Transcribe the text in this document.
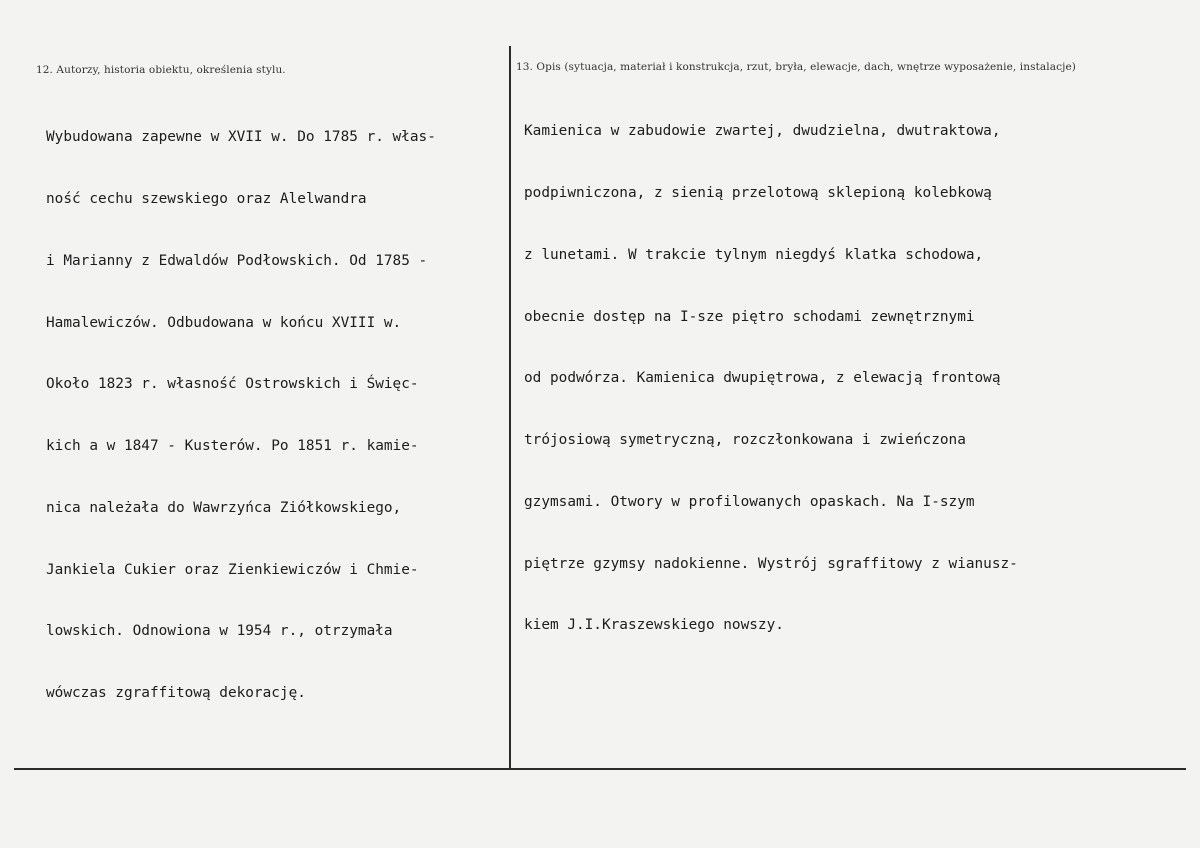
12. Autorzy, historia obiektu, określenia stylu.	13. Opis (sytuacja, materiał i konstrukcja, rzut, bryła, elewacje, dach, wnętrze wyposażenie, instalacje)

Wybudowana zapewne w XVII w. Do 1785 r. włas-

ność cechu szewskiego oraz Alelwandra

i Marianny z Edwaldów Podłowskich. Od 1785 -

Hamalewiczów. Odbudowana w końcu XVIII w.

Około 1823 r. własność Ostrowskich i Święc-

kich a w 1847 - Kusterów. Po 1851 r. kamie-

nica należała do Wawrzyńca Ziółkowskiego,

Jankiela Cukier oraz Zienkiewiczów i Chmie-

lowskich. Odnowiona w 1954 r., otrzymała

wówczas zgraffitową dekorację.

Kamienica w zabudowie zwartej, dwudzielna, dwutraktowa,

podpiwniczona, z sienią przelotową sklepioną kolebkową

z lunetami. W trakcie tylnym niegdyś klatka schodowa,

obecnie dostęp na I-sze piętro schodami zewnętrznymi

od podwórza. Kamienica dwupiętrowa, z elewacją frontową

trójosiową symetryczną, rozczłonkowana i zwieńczona

gzymsami. Otwory w profilowanych opaskach. Na I-szym

piętrze gzymsy nadokienne. Wystrój sgraffitowy z wianusz-

kiem J.I.Kraszewskiego nowszy.
